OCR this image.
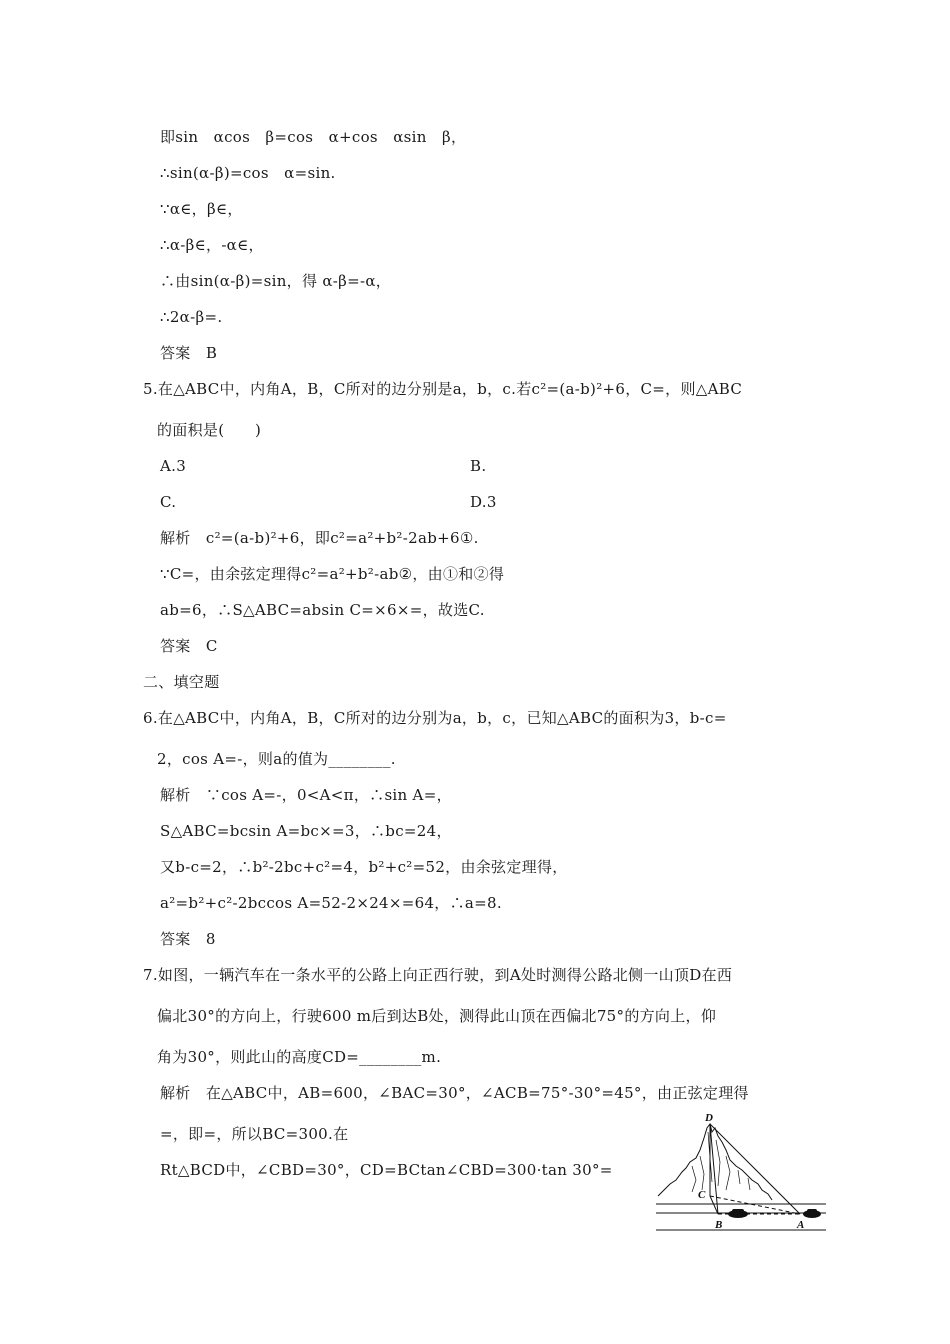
即sin　αcos　β=cos　α+cos　αsin　β，
∴sin(α-β)=cos　α=sin.
∵α∈，β∈，
∴α-β∈，-α∈，
∴由sin(α-β)=sin，得 α-β=-α，
∴2α-β=.
答案　B
5.在△ABC中，内角A，B，C所对的边分别是a，b，c.若c²=(a-b)²+6，C=，则△ABC
的面积是(　　)
A.3	B.
C.	D.3
解析　c²=(a-b)²+6，即c²=a²+b²-2ab+6①.
∵C=，由余弦定理得c²=a²+b²-ab②，由①和②得
ab=6，∴S△ABC=absin C=×6×=，故选C.
答案　C
二、填空题
6.在△ABC中，内角A，B，C所对的边分别为a，b，c，已知△ABC的面积为3，b-c=
2，cos A=-，则a的值为________.
解析　∵cos A=-，0<A<π，∴sin A=，
S△ABC=bcsin A=bc×=3，∴bc=24，
又b-c=2，∴b²-2bc+c²=4，b²+c²=52，由余弦定理得，
a²=b²+c²-2bccos A=52-2×24×=64，∴a=8.
答案　8
7.如图，一辆汽车在一条水平的公路上向正西行驶，到A处时测得公路北侧一山顶D在西
偏北30°的方向上，行驶600 m后到达B处，测得此山顶在西偏北75°的方向上，仰
角为30°，则此山的高度CD=________m.
解析　在△ABC中，AB=600，∠BAC=30°，∠ACB=75°-30°=45°，由正弦定理得
=，即=，所以BC=300.在
Rt△BCD中，∠CBD=30°，CD=BCtan∠CBD=300·tan 30°=
D
C
B	A
